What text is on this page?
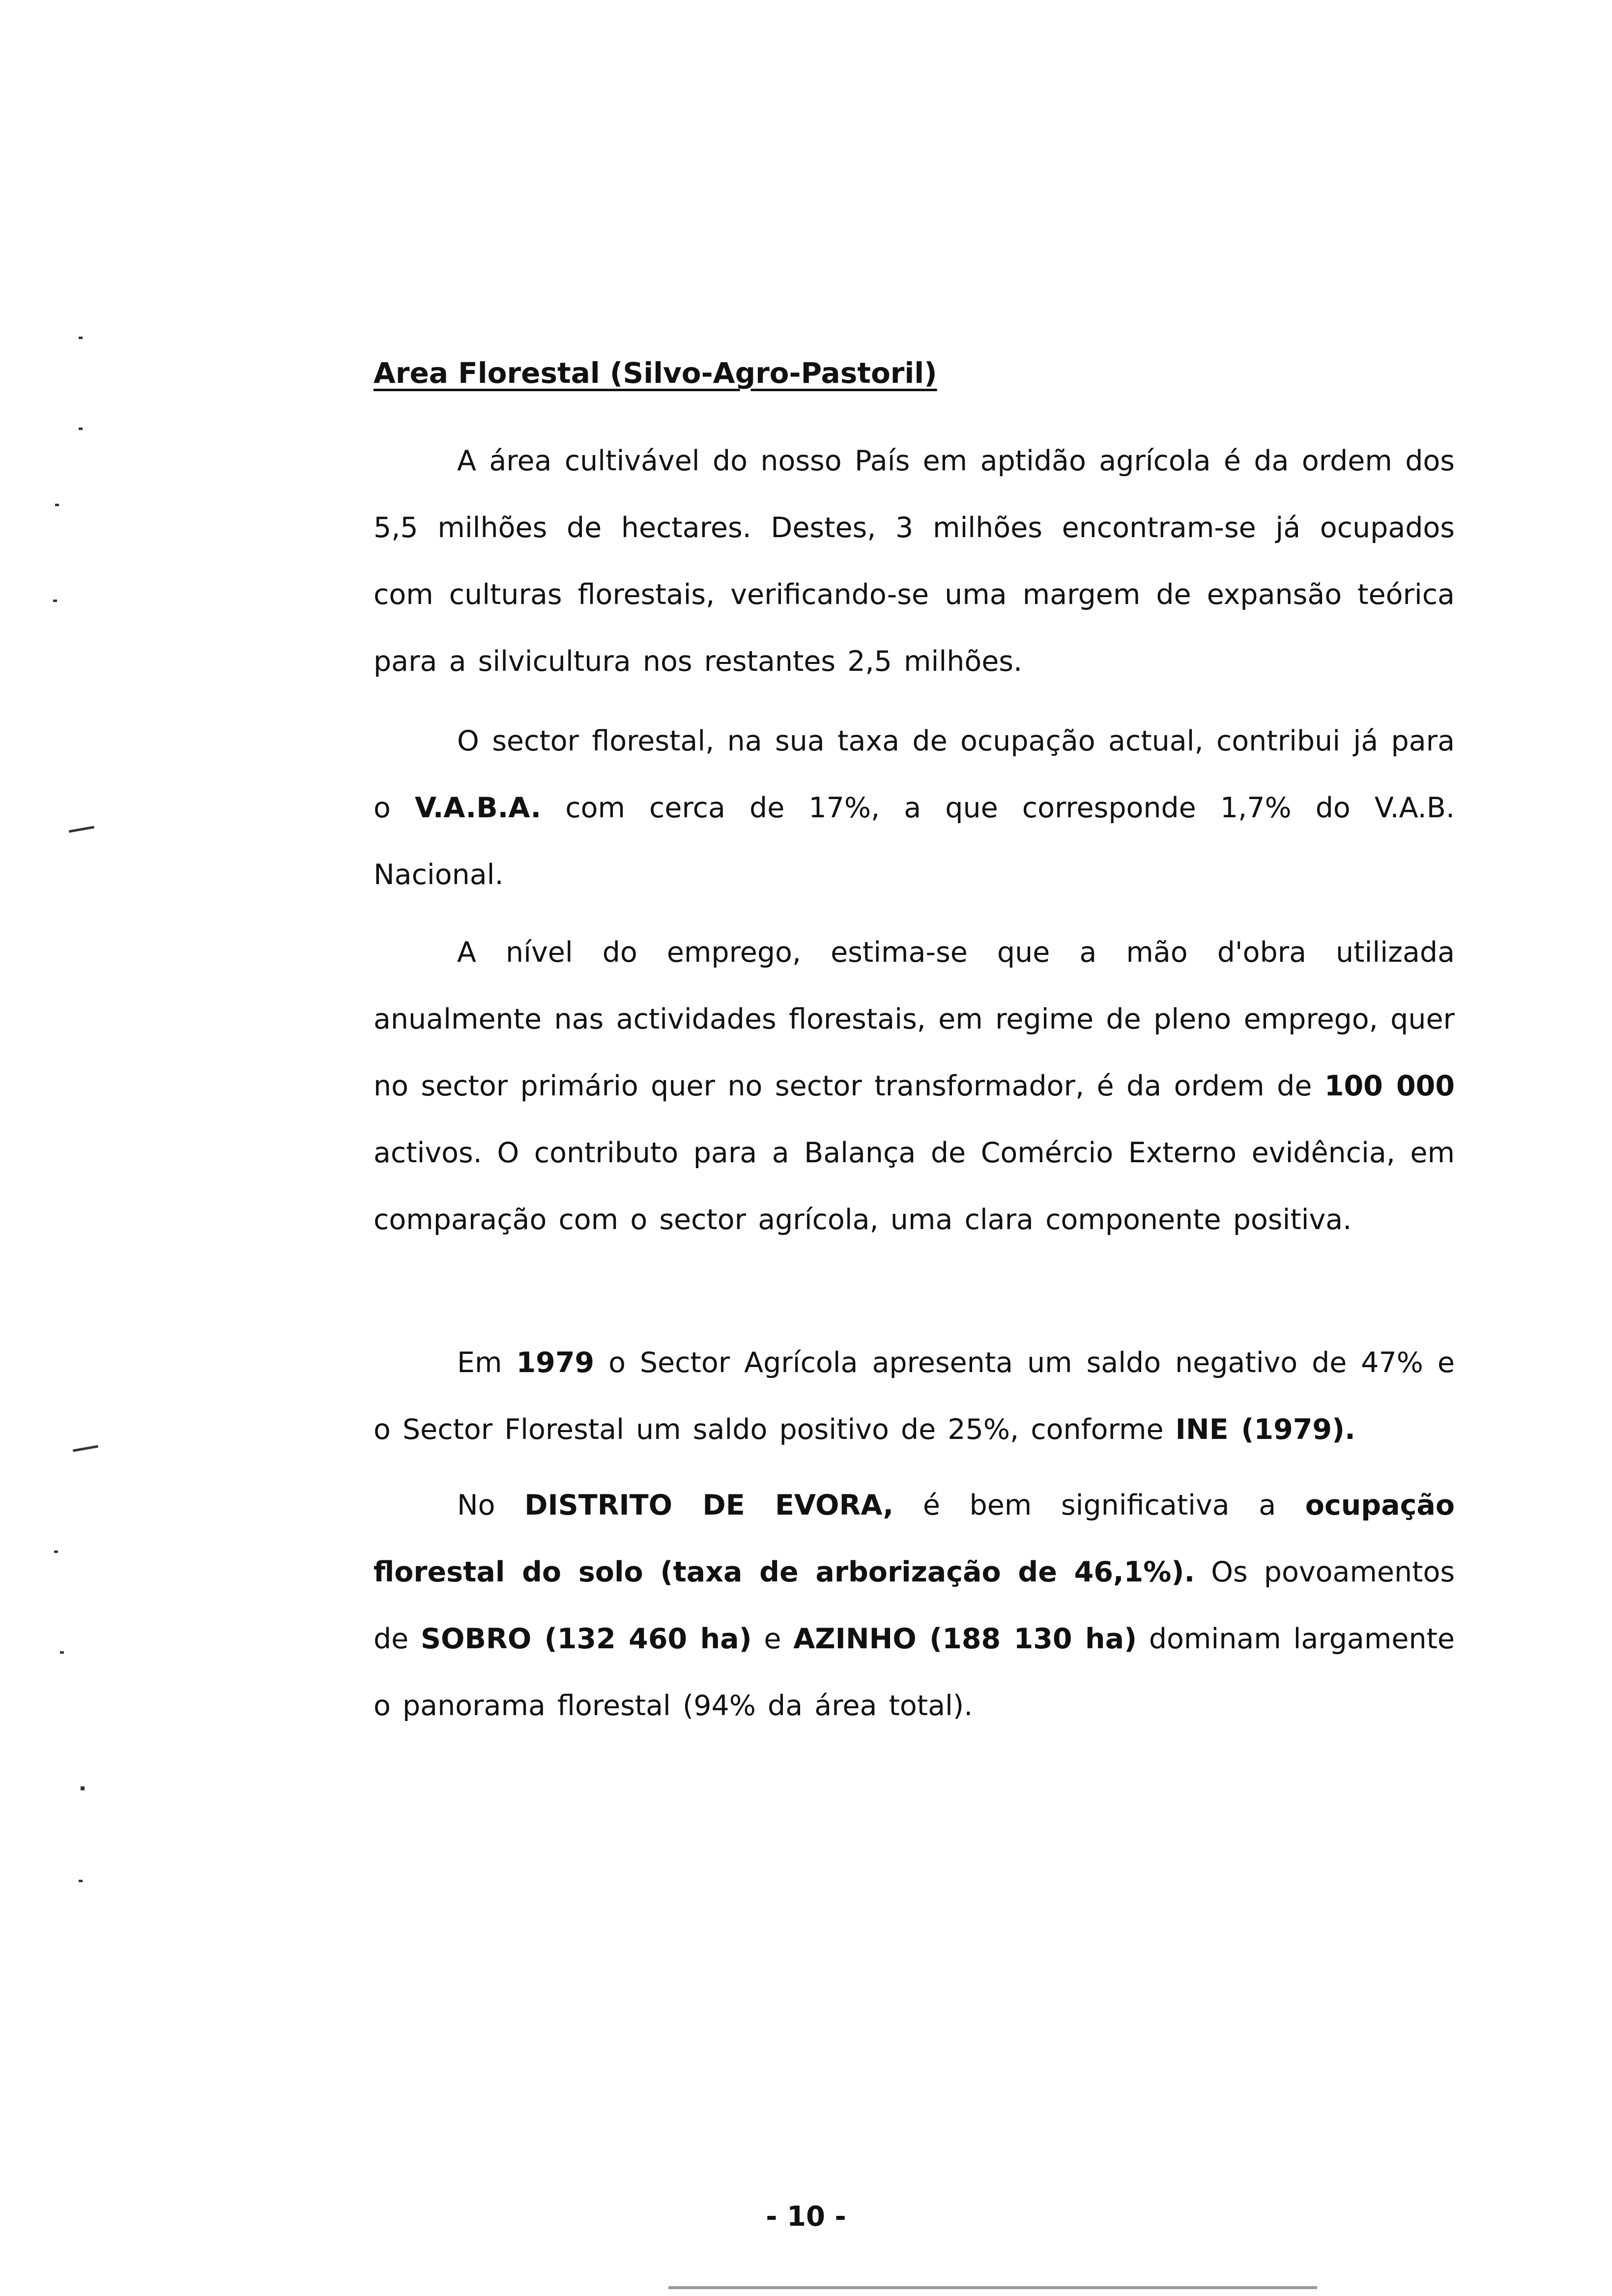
Area Florestal (Silvo-Agro-Pastoril)

A área cultivável do nosso País em aptidão agrícola é da ordem dos 5,5 milhões de hectares. Destes, 3 milhões encontram-se já ocupados com culturas florestais, verificando-se uma margem de expansão teórica para a silvicultura nos restantes 2,5 milhões.

O sector florestal, na sua taxa de ocupação actual, contribui já para o V.A.B.A. com cerca de 17%, a que corresponde 1,7% do V.A.B. Nacional.

A nível do emprego, estima-se que a mão d'obra utilizada anualmente nas actividades florestais, em regime de pleno emprego, quer no sector primário quer no sector transformador, é da ordem de 100 000 activos. O contributo para a Balança de Comércio Externo evidência, em comparação com o sector agrícola, uma clara componente positiva.

Em 1979 o Sector Agrícola apresenta um saldo negativo de 47% e o Sector Florestal um saldo positivo de 25%, conforme INE (1979).

No DISTRITO DE EVORA, é bem significativa a ocupação florestal do solo (taxa de arborização de 46,1%). Os povoamentos de SOBRO (132 460 ha) e AZINHO (188 130 ha) dominam largamente o panorama florestal (94% da área total).

- 10 -
